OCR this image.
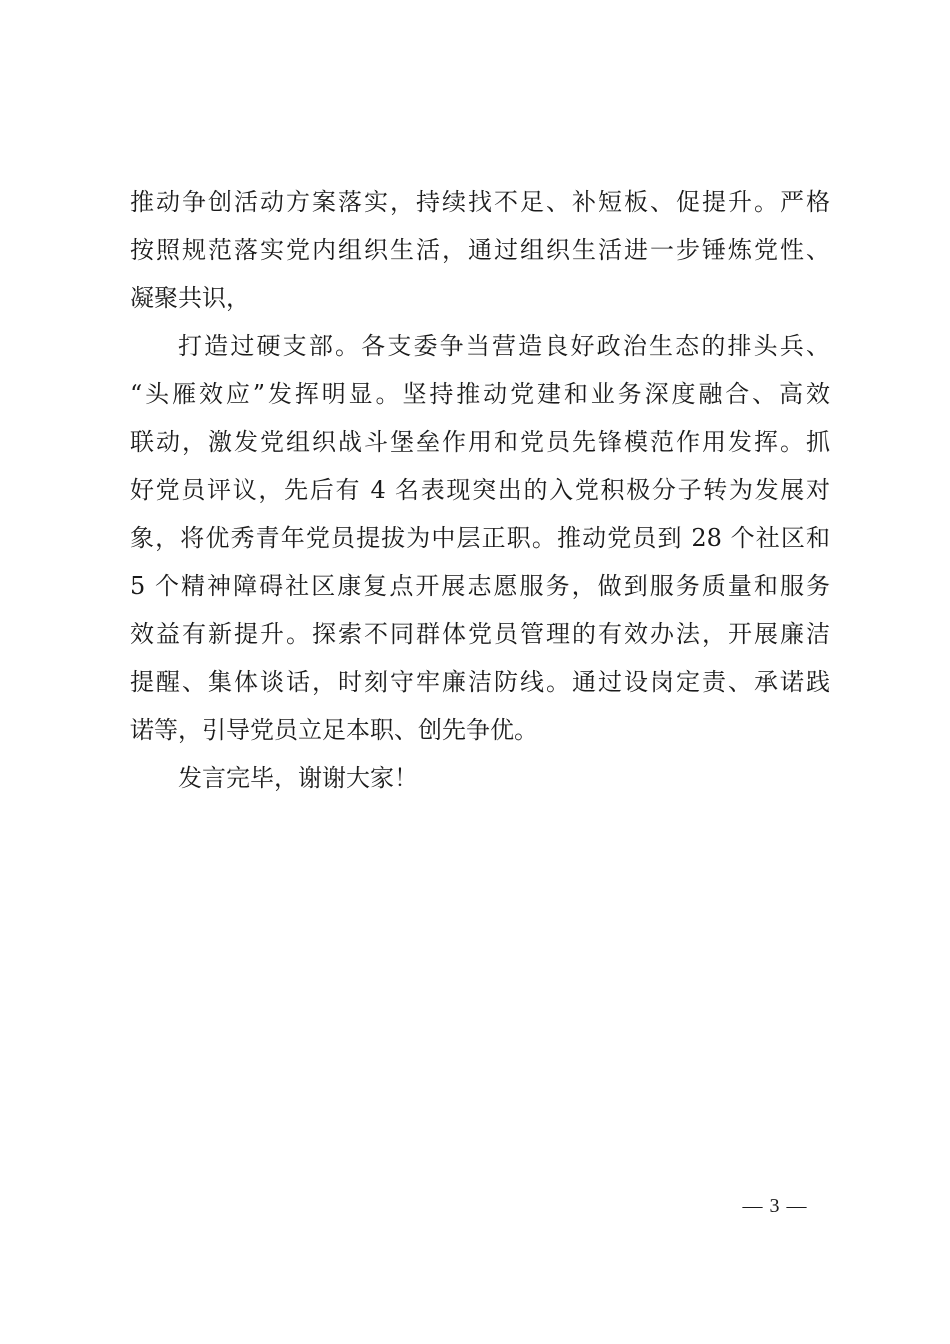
推动争创活动方案落实，持续找不足、补短板、促提升。严格
按照规范落实党内组织生活，通过组织生活进一步锤炼党性、
凝聚共识，
打造过硬支部。各支委争当营造良好政治生态的排头兵、
“头雁效应”发挥明显。坚持推动党建和业务深度融合、高效
联动，激发党组织战斗堡垒作用和党员先锋模范作用发挥。抓
好党员评议，先后有 4 名表现突出的入党积极分子转为发展对
象，将优秀青年党员提拔为中层正职。推动党员到 28 个社区和
5 个精神障碍社区康复点开展志愿服务，做到服务质量和服务
效益有新提升。探索不同群体党员管理的有效办法，开展廉洁
提醒、集体谈话，时刻守牢廉洁防线。通过设岗定责、承诺践
诺等，引导党员立足本职、创先争优。
发言完毕，谢谢大家！
— 3 —
